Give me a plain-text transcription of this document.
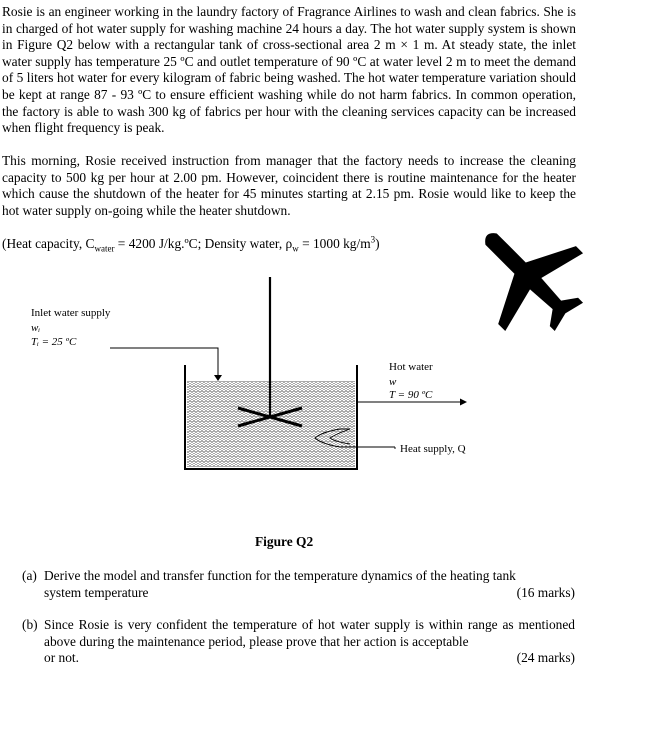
Rosie is an engineer working in the laundry factory of Fragrance Airlines to wash and clean fabrics. She is in charged of hot water supply for washing machine 24 hours a day. The hot water supply system is shown in Figure Q2 below with a rectangular tank of cross-sectional area 2 m × 1 m. At steady state, the inlet water supply has temperature 25 ºC and outlet temperature of 90 ºC at water level 2 m to meet the demand of 5 liters hot water for every kilogram of fabric being washed. The hot water temperature variation should be kept at range 87 - 93 ºC to ensure efficient washing while do not harm fabrics. In common operation, the factory is able to wash 300 kg of fabrics per hour with the cleaning services capacity can be increased when flight frequency is peak.

This morning, Rosie received instruction from manager that the factory needs to increase the cleaning capacity to 500 kg per hour at 2.00 pm. However, coincident there is routine maintenance for the heater which cause the shutdown of the heater for 45 minutes starting at 2.15 pm. Rosie would like to keep the hot water supply on-going while the heater shutdown.

(Heat capacity, $C_{water} = 4200$ J/kg.ºC; Density water, $\rho_w = 1000$ $kg/m^3$)
Inlet water supply
wᵢ
Tᵢ = 25 ºC
Hot water
w
T = 90 ºC
Heat supply, Q
Figure Q2
(a) Derive the model and transfer function for the temperature dynamics of the heating tank
system temperature	(16 marks)
(b) Since Rosie is very confident the temperature of hot water supply is within range as mentioned above during the maintenance period, please prove that her action is acceptable
or not.	(24 marks)
